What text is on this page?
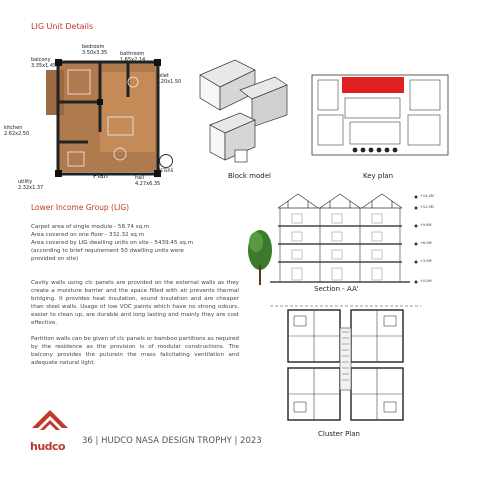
LIG Unit Details
balcony
3.35x1.45
bedroom
3.50x3.35	bathroom
1.65x2.14
toilet
1.20x1.50
kitchen
2.62x2.50
utility
2.32x1.37
hall
4.27x6.35
METERS
Plan	Block model	Key plan
Lower Income Group (LIG)
Carpet area of single module - 58.74 sq.m
Area covered on one floor - 332.32 sq.m
Area covered by LIG dwelling units on site - 5439.45 sq.m
(according to brief requirement 50 dwelling units were
provided on site)

Cavity walls using clc panels are provided on the external walls as they create a moisture barrier and the space filled with air prevents thermal bridging. It provides heat insulation, sound insulation and are cheaper than steel walls. Usage of low VOC paints which have no strong odours, easier to clean up, are durable and long lasting and mainly they are cost effective.

Partition walls can be given of clc panels or bamboo partitions as required by the residence as the provision is of modular constructions. The balcony provides the puturein the mass falicitating ventilation and adequate natural light.

+14.4M
+12.0M
+9.6M
+6.0M
+3.0M
+0.0M
Section - AA'
Cluster Plan
hudco 36 | HUDCO NASA DESIGN TROPHY | 2023
